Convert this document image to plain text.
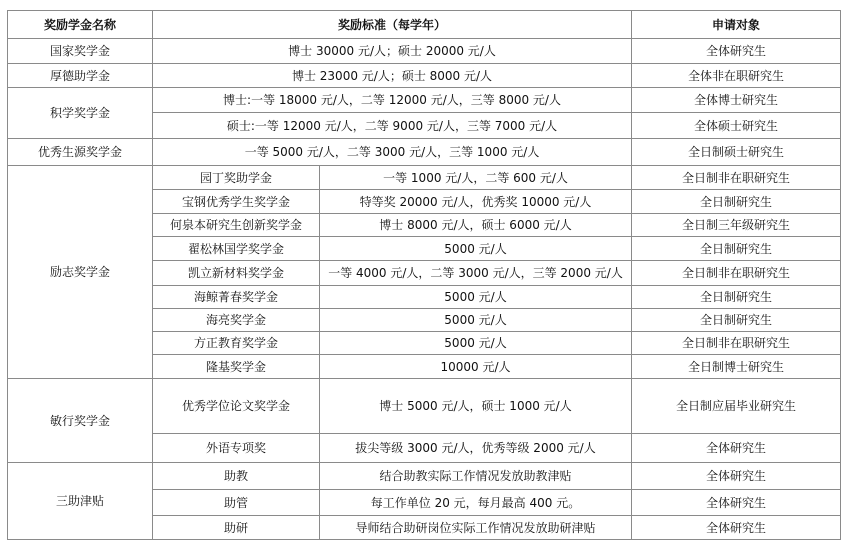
奖励学金名称	奖励标准（每学年）		申请对象
国家奖学金	博士 30000 元/人；硕士 20000 元/人		全体研究生
厚德助学金	博士 23000 元/人；硕士 8000 元/人		全体非在职研究生
积学奖学金	博士:一等 18000 元/人，二等 12000 元/人，三等 8000 元/人		全体博士研究生
	硕士:一等 12000 元/人，二等 9000 元/人，三等 7000 元/人		全体硕士研究生
优秀生源奖学金	一等 5000 元/人，二等 3000 元/人，三等 1000 元/人		全日制硕士研究生
励志奖学金	园丁奖助学金	一等 1000 元/人，二等 600 元/人	全日制非在职研究生
	宝钢优秀学生奖学金	特等奖 20000 元/人，优秀奖 10000 元/人	全日制研究生
	何泉本研究生创新奖学金	博士 8000 元/人，硕士 6000 元/人	全日制三年级研究生
	翟松林国学奖学金	5000 元/人	全日制研究生
	凯立新材料奖学金	一等 4000 元/人，二等 3000 元/人，三等 2000 元/人	全日制非在职研究生
	海鲸菁春奖学金	5000 元/人	全日制研究生
	海亮奖学金	5000 元/人	全日制研究生
	方正教育奖学金	5000 元/人	全日制非在职研究生
	隆基奖学金	10000 元/人	全日制博士研究生
敏行奖学金	优秀学位论文奖学金	博士 5000 元/人，硕士 1000 元/人	全日制应届毕业研究生
	外语专项奖	拔尖等级 3000 元/人，优秀等级 2000 元/人	全体研究生
三助津贴	助教	结合助教实际工作情况发放助教津贴	全体研究生
	助管	每工作单位 20 元，每月最高 400 元。	全体研究生
	助研	导师结合助研岗位实际工作情况发放助研津贴	全体研究生
